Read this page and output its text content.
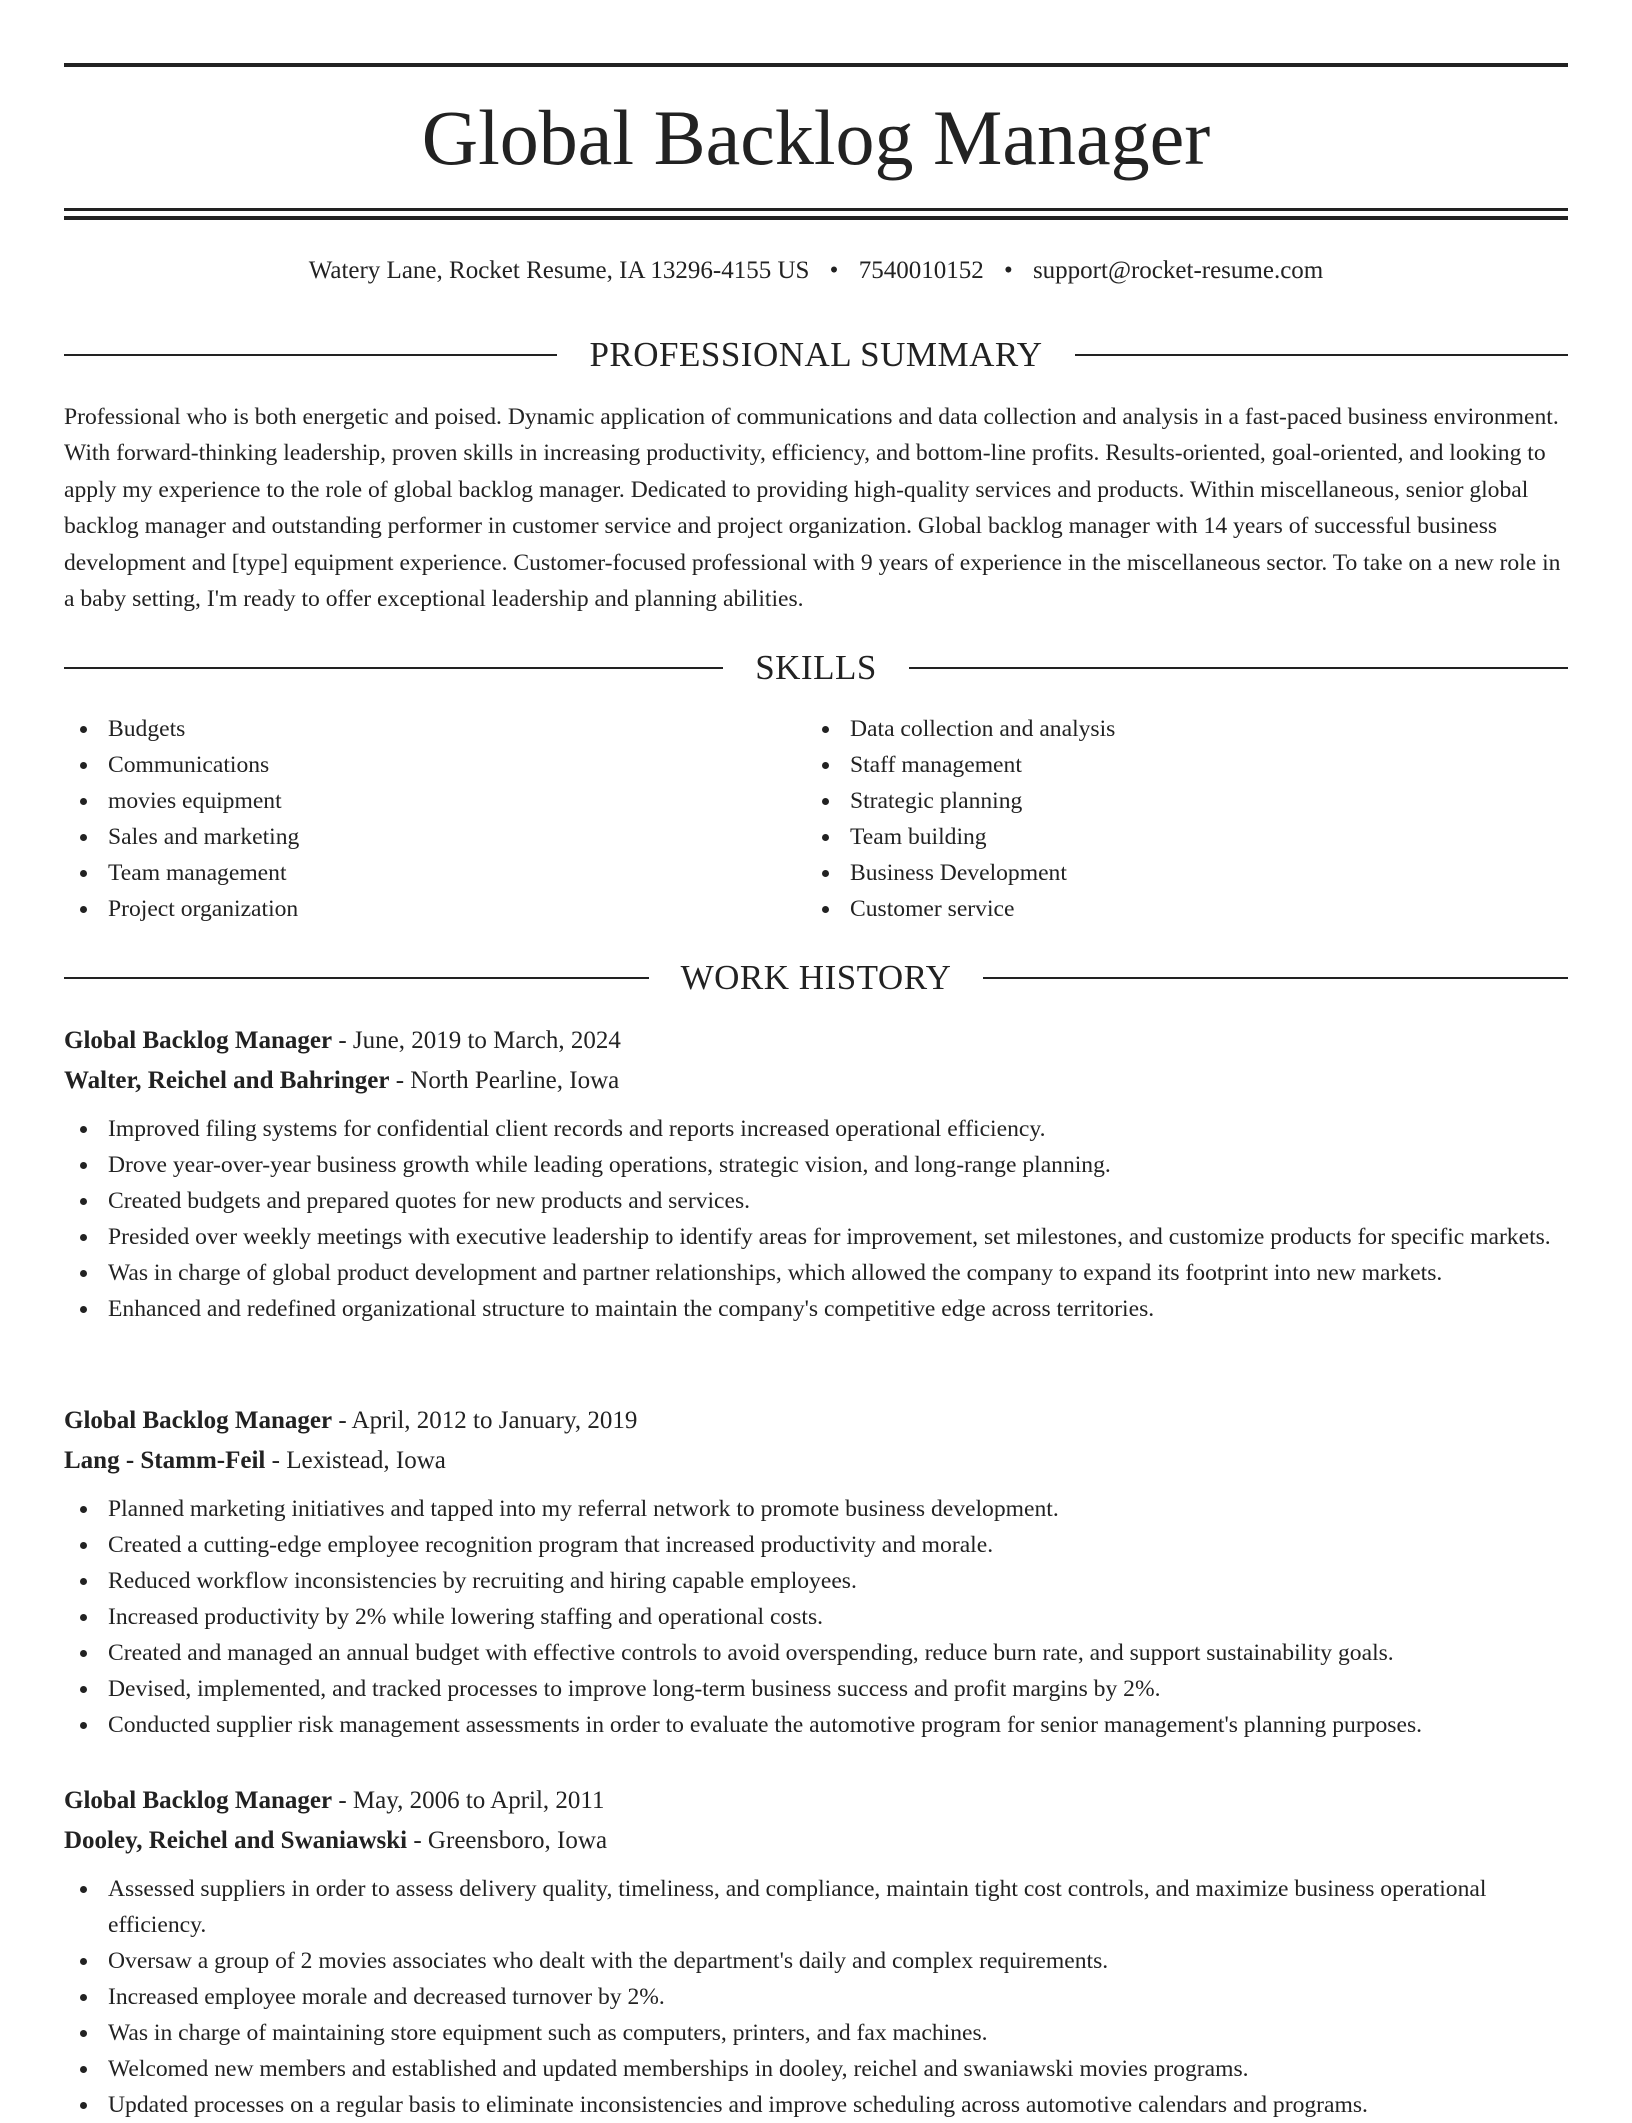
Global Backlog Manager
Watery Lane, Rocket Resume, IA 13296-4155 US • 7540010152 • support@rocket-resume.com
PROFESSIONAL SUMMARY

Professional who is both energetic and poised. Dynamic application of communications and data collection and analysis in a fast-paced business environment. With forward-thinking leadership, proven skills in increasing productivity, efficiency, and bottom-line profits. Results-oriented, goal-oriented, and looking to apply my experience to the role of global backlog manager. Dedicated to providing high-quality services and products. Within miscellaneous, senior global backlog manager and outstanding performer in customer service and project organization. Global backlog manager with 14 years of successful business development and [type] equipment experience. Customer-focused professional with 9 years of experience in the miscellaneous sector. To take on a new role in a baby setting, I'm ready to offer exceptional leadership and planning abilities.

SKILLS
Budgets
Communications
movies equipment
Sales and marketing
Team management
Project organization
Data collection and analysis
Staff management
Strategic planning
Team building
Business Development
Customer service
WORK HISTORY
Global Backlog Manager - June, 2019 to March, 2024
Walter, Reichel and Bahringer - North Pearline, Iowa
Improved filing systems for confidential client records and reports increased operational efficiency.
Drove year-over-year business growth while leading operations, strategic vision, and long-range planning.
Created budgets and prepared quotes for new products and services.
Presided over weekly meetings with executive leadership to identify areas for improvement, set milestones, and customize products for specific markets.
Was in charge of global product development and partner relationships, which allowed the company to expand its footprint into new markets.
Enhanced and redefined organizational structure to maintain the company's competitive edge across territories.
Global Backlog Manager - April, 2012 to January, 2019
Lang - Stamm-Feil - Lexistead, Iowa
Planned marketing initiatives and tapped into my referral network to promote business development.
Created a cutting-edge employee recognition program that increased productivity and morale.
Reduced workflow inconsistencies by recruiting and hiring capable employees.
Increased productivity by 2% while lowering staffing and operational costs.
Created and managed an annual budget with effective controls to avoid overspending, reduce burn rate, and support sustainability goals.
Devised, implemented, and tracked processes to improve long-term business success and profit margins by 2%.
Conducted supplier risk management assessments in order to evaluate the automotive program for senior management's planning purposes.
Global Backlog Manager - May, 2006 to April, 2011
Dooley, Reichel and Swaniawski - Greensboro, Iowa
Assessed suppliers in order to assess delivery quality, timeliness, and compliance, maintain tight cost controls, and maximize business operational efficiency.
Oversaw a group of 2 movies associates who dealt with the department's daily and complex requirements.
Increased employee morale and decreased turnover by 2%.
Was in charge of maintaining store equipment such as computers, printers, and fax machines.
Welcomed new members and established and updated memberships in dooley, reichel and swaniawski movies programs.
Updated processes on a regular basis to eliminate inconsistencies and improve scheduling across automotive calendars and programs.
